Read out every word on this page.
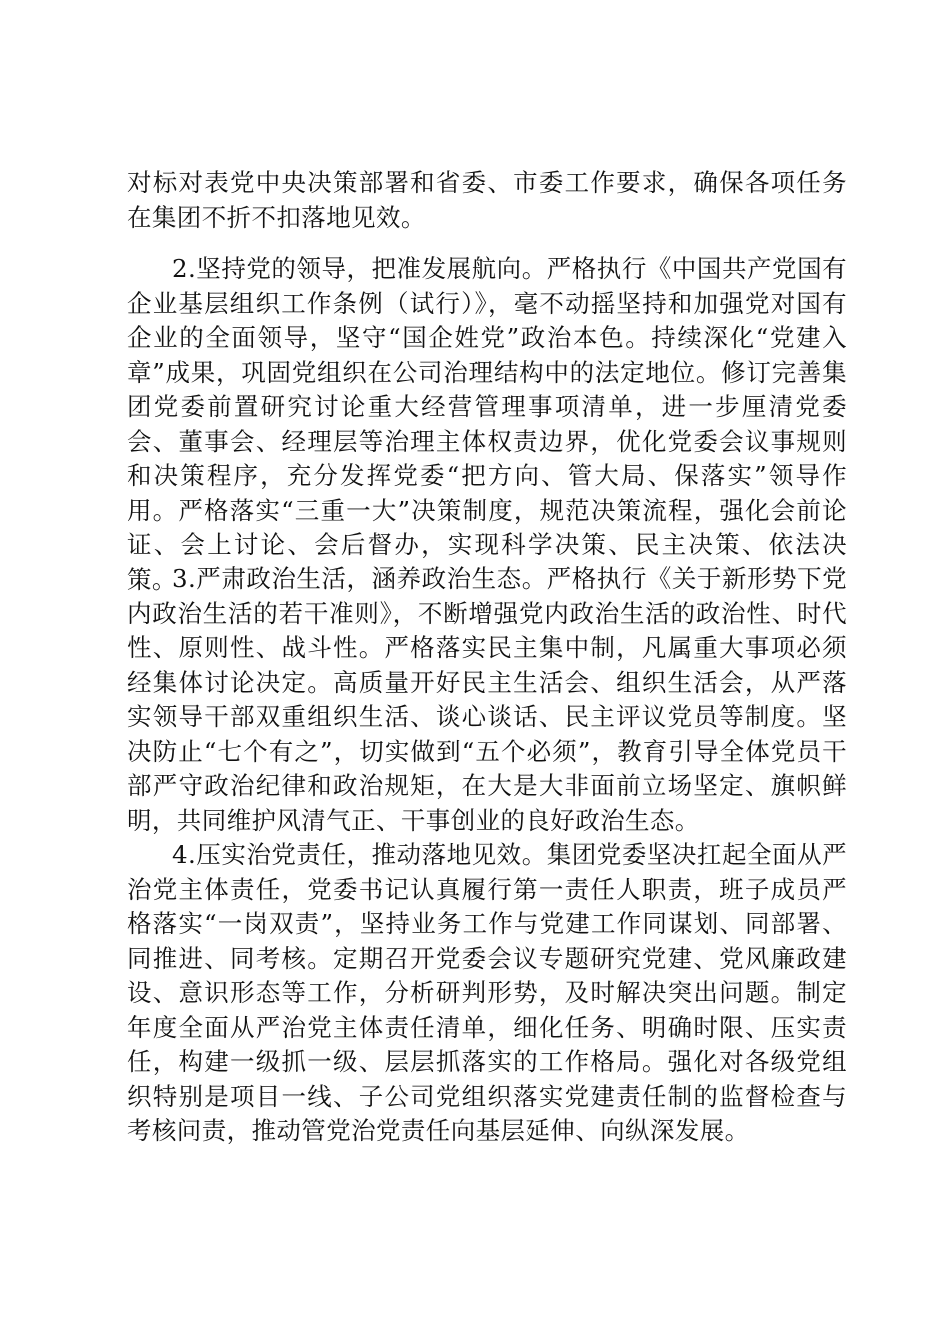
对标对表党中央决策部署和省委、市委工作要求，确保各项任务在集团不折不扣落地见效。

2.坚持党的领导，把准发展航向。严格执行《中国共产党国有企业基层组织工作条例（试行）》，毫不动摇坚持和加强党对国有企业的全面领导，坚守“国企姓党”政治本色。持续深化“党建入章”成果，巩固党组织在公司治理结构中的法定地位。修订完善集团党委前置研究讨论重大经营管理事项清单，进一步厘清党委会、董事会、经理层等治理主体权责边界，优化党委会议事规则和决策程序，充分发挥党委“把方向、管大局、保落实”领导作用。严格落实“三重一大”决策制度，规范决策流程，强化会前论证、会上讨论、会后督办，实现科学决策、民主决策、依法决策。

3.严肃政治生活，涵养政治生态。严格执行《关于新形势下党内政治生活的若干准则》，不断增强党内政治生活的政治性、时代性、原则性、战斗性。严格落实民主集中制，凡属重大事项必须经集体讨论决定。高质量开好民主生活会、组织生活会，从严落实领导干部双重组织生活、谈心谈话、民主评议党员等制度。坚决防止“七个有之”，切实做到“五个必须”，教育引导全体党员干部严守政治纪律和政治规矩，在大是大非面前立场坚定、旗帜鲜明，共同维护风清气正、干事创业的良好政治生态。

4.压实治党责任，推动落地见效。集团党委坚决扛起全面从严治党主体责任，党委书记认真履行第一责任人职责，班子成员严格落实“一岗双责”，坚持业务工作与党建工作同谋划、同部署、同推进、同考核。定期召开党委会议专题研究党建、党风廉政建设、意识形态等工作，分析研判形势，及时解决突出问题。制定年度全面从严治党主体责任清单，细化任务、明确时限、压实责任，构建一级抓一级、层层抓落实的工作格局。强化对各级党组织特别是项目一线、子公司党组织落实党建责任制的监督检查与考核问责，推动管党治党责任向基层延伸、向纵深发展。
